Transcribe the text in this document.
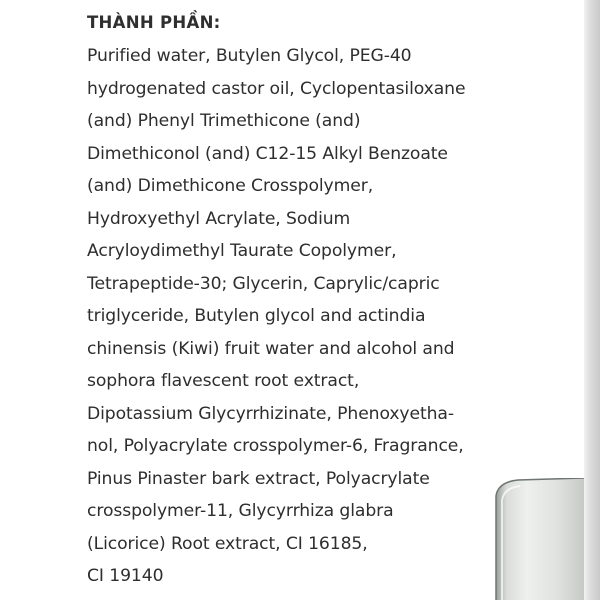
THÀNH PHẦN:
Purified water, Butylen Glycol, PEG-40
hydrogenated castor oil, Cyclopentasiloxane
(and) Phenyl Trimethicone (and)
Dimethiconol (and) C12-15 Alkyl Benzoate
(and) Dimethicone Crosspolymer,
Hydroxyethyl Acrylate, Sodium
Acryloydimethyl Taurate Copolymer,
Tetrapeptide-30; Glycerin, Caprylic/capric
triglyceride, Butylen glycol and actindia
chinensis (Kiwi) fruit water and alcohol and
sophora flavescent root extract,
Dipotassium Glycyrrhizinate, Phenoxyetha-
nol, Polyacrylate crosspolymer-6, Fragrance,
Pinus Pinaster bark extract, Polyacrylate
crosspolymer-11, Glycyrrhiza glabra
(Licorice) Root extract, CI 16185,
CI 19140
